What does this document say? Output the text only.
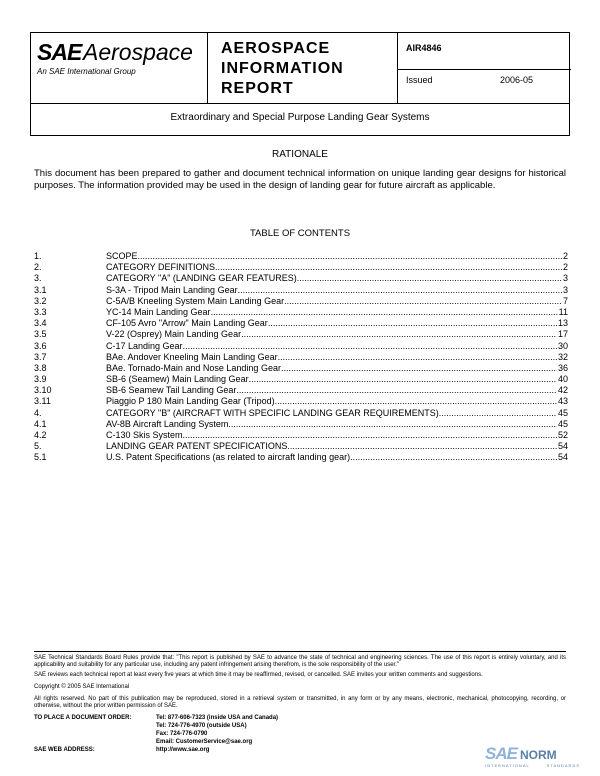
SAE Aerospace
An SAE International Group
AEROSPACE
INFORMATION
REPORT
AIR4846
Issued	2006-05
Extraordinary and Special Purpose Landing Gear Systems
RATIONALE
This document has been prepared to gather and document technical information on unique landing gear designs for historical purposes. The information provided may be used in the design of landing gear for future aircraft as applicable.
TABLE OF CONTENTS
1.	SCOPE .....	2
2.	CATEGORY DEFINITIONS .....	2
3.	CATEGORY "A" (LANDING GEAR FEATURES) .....	3
3.1	S-3A - Tripod Main Landing Gear .....	3
3.2	C-5A/B Kneeling System Main Landing Gear .....	7
3.3	YC-14 Main Landing Gear .....	11
3.4	CF-105 Avro "Arrow" Main Landing Gear .....	13
3.5	V-22 (Osprey) Main Landing Gear .....	17
3.6	C-17 Landing Gear .....	30
3.7	BAe. Andover Kneeling Main Landing Gear .....	32
3.8	BAe. Tornado-Main and Nose Landing Gear .....	36
3.9	SB-6 (Seamew) Main Landing Gear .....	40
3.10	SB-6 Seamew Tail Landing Gear .....	42
3.11	Piaggio P 180 Main Landing Gear (Tripod) .....	43
4.	CATEGORY "B" (AIRCRAFT WITH SPECIFIC LANDING GEAR REQUIREMENTS) .....	45
4.1	AV-8B Aircraft Landing System .....	45
4.2	C-130 Skis System .....	52
5.	LANDING GEAR PATENT SPECIFICATIONS .....	54
5.1	U.S. Patent Specifications (as related to aircraft landing gear) .....	54
SAE Technical Standards Board Rules provide that: "This report is published by SAE to advance the state of technical and engineering sciences. The use of this report is entirely voluntary, and its applicability and suitability for any particular use, including any patent infringement arising therefrom, is the sole responsibility of the user."
SAE reviews each technical report at least every five years at which time it may be reaffirmed, revised, or cancelled. SAE invites your written comments and suggestions.
Copyright © 2005 SAE International
All rights reserved. No part of this publication may be reproduced, stored in a retrieval system or transmitted, in any form or by any means, electronic, mechanical, photocopying, recording, or otherwise, without the prior written permission of SAE.
TO PLACE A DOCUMENT ORDER:	Tel: 877-606-7323 (inside USA and Canada)
Tel: 724-776-4970 (outside USA)
Fax: 724-776-0790
Email: CustomerService@sae.org
SAE WEB ADDRESS:	http://www.sae.org	SAE NORM
INTERNATIONAL	STANDARDS
